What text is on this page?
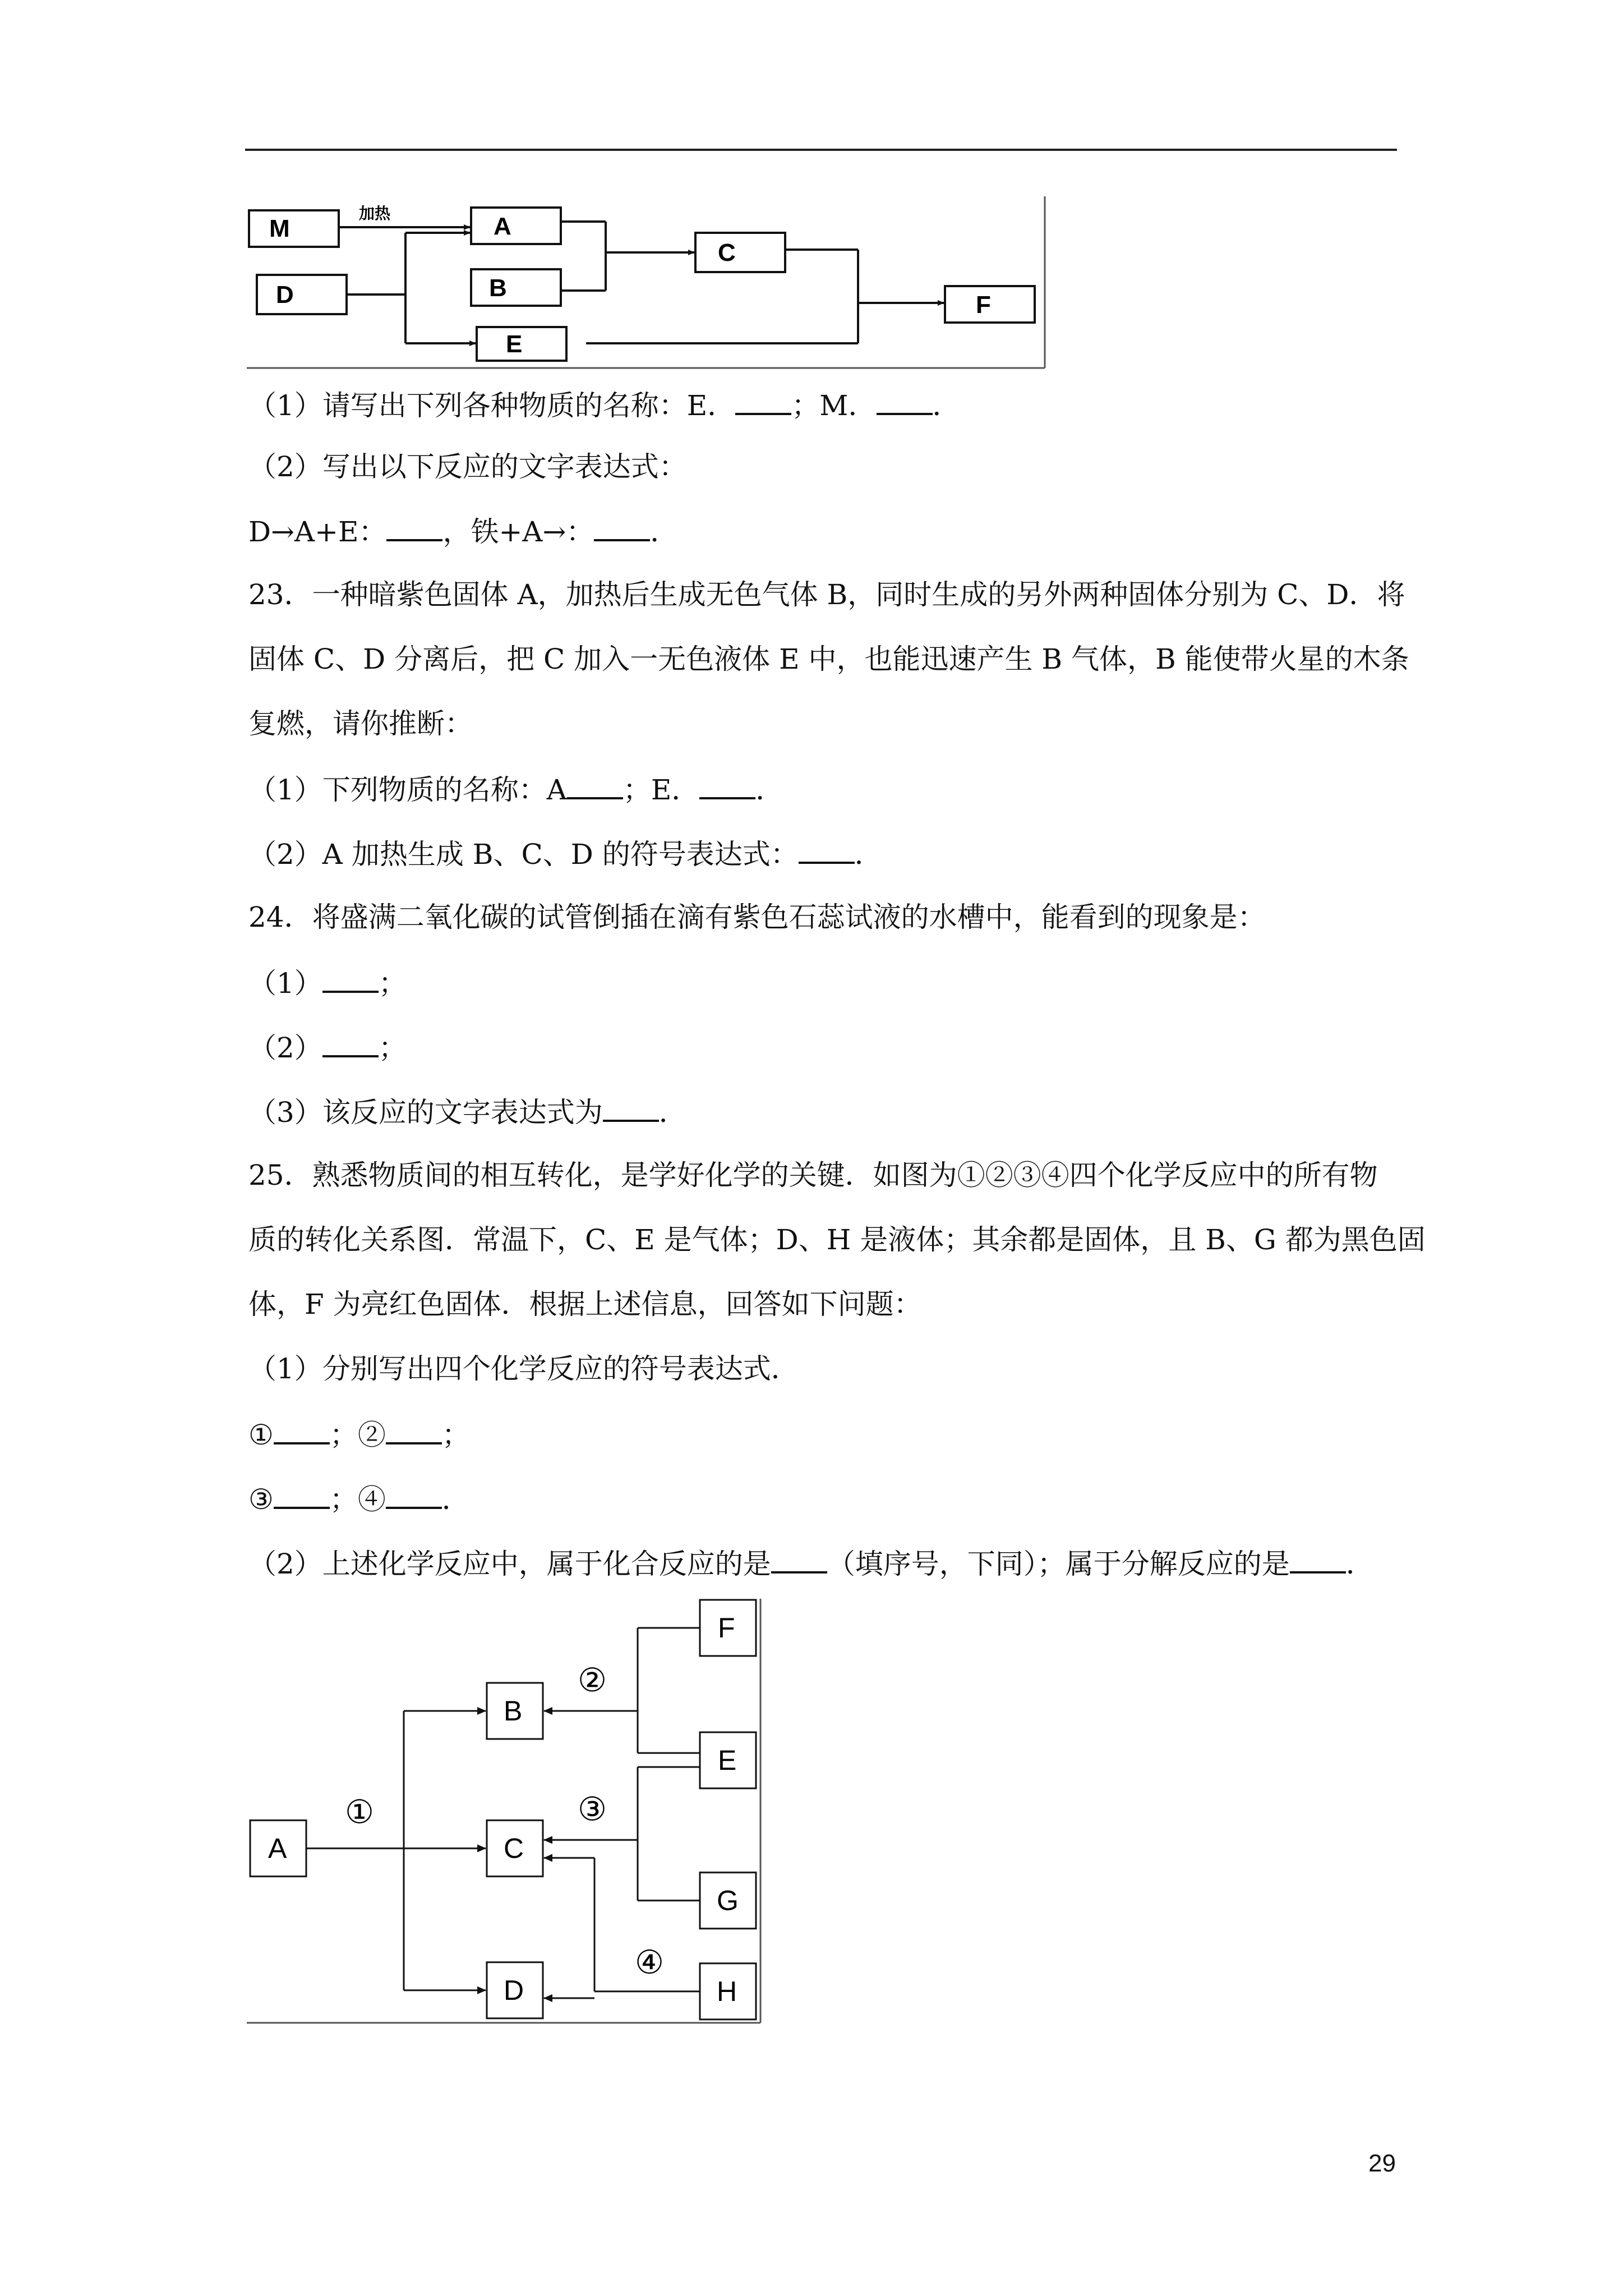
M
D
A
B
E
C
F
加热
（1）请写出下列各种物质的名称：E． ；M． ．
（2）写出以下反应的文字表达式：
D→A+E： ，铁+A→： ．
23．一种暗紫色固体 A，加热后生成无色气体 B，同时生成的另外两种固体分别为 C、D．将
固体 C、D 分离后，把 C 加入一无色液体 E 中，也能迅速产生 B 气体，B 能使带火星的木条
复燃，请你推断：
（1）下列物质的名称：A ；E． ．
（2）A 加热生成 B、C、D 的符号表达式： ．
24．将盛满二氧化碳的试管倒插在滴有紫色石蕊试液的水槽中，能看到的现象是：
（1） ；
（2） ；
（3）该反应的文字表达式为 ．
25．熟悉物质间的相互转化，是学好化学的关键．如图为①②③④四个化学反应中的所有物
质的转化关系图．常温下，C、E 是气体；D、H 是液体；其余都是固体，且 B、G 都为黑色固
体，F 为亮红色固体．根据上述信息，回答如下问题：
（1）分别写出四个化学反应的符号表达式．
① ；② ；
③ ；④ ．
（2）上述化学反应中，属于化合反应的是 （填序号，下同）；属于分解反应的是 ．
A
B
C
D
F
E
G
H
①
②
③
④
29
